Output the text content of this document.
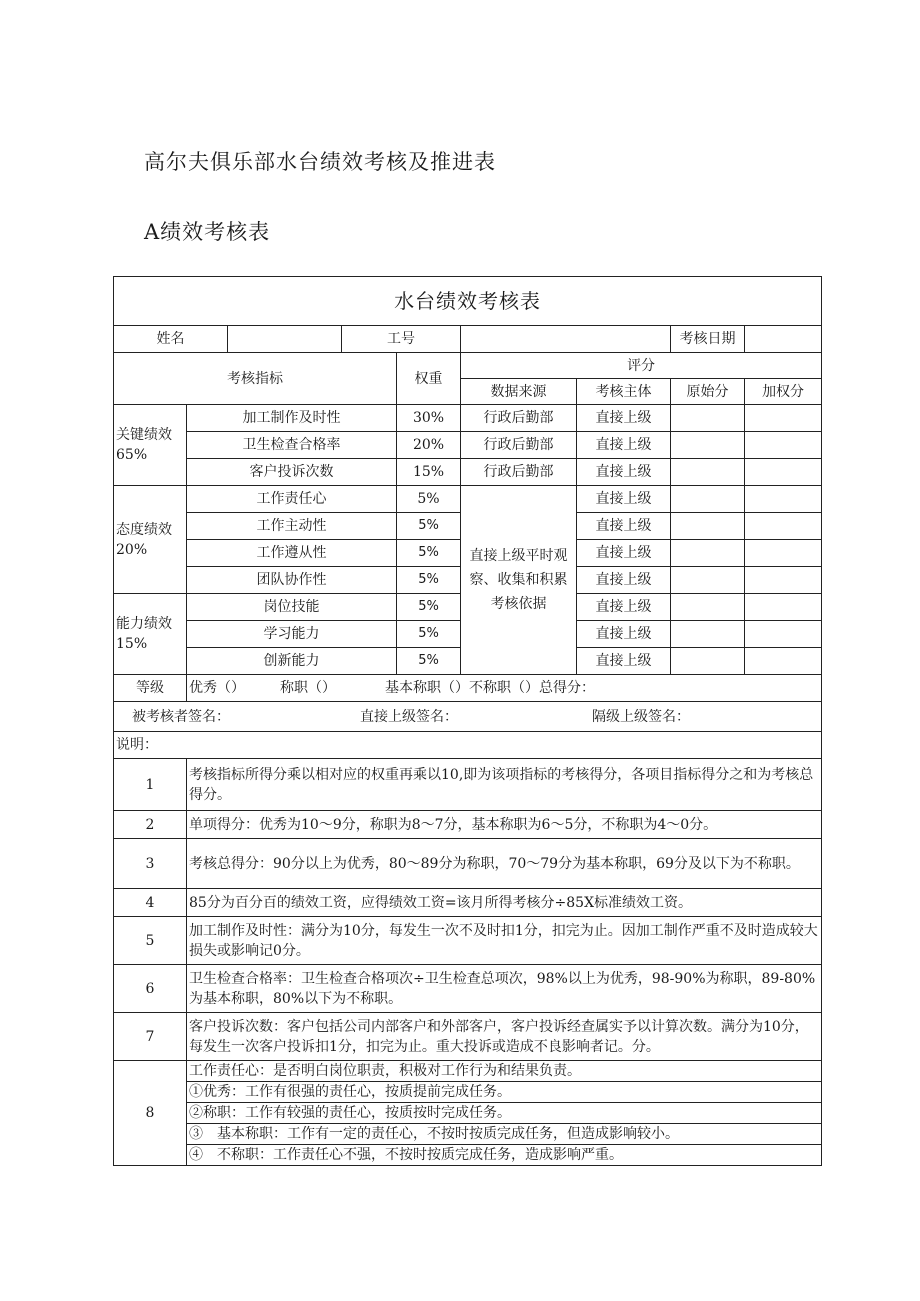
高尔夫俱乐部水台绩效考核及推进表
A绩效考核表
水台绩效考核表								
姓名			工号				考核日期	
考核指标				权重	评分			
					数据来源	考核主体	原始分	加权分
关键绩效 65%	加工制作及时性			30%	行政后勤部	直接上级		
	卫生检查合格率			20%	行政后勤部	直接上级		
	客户投诉次数			15%	行政后勤部	直接上级		
态度绩效 20%	工作责任心			5%	直接上级平时观察、收集和积累考核依据	直接上级		
	工作主动性			5%		直接上级		
	工作遵从性			5%		直接上级		
	团队协作性			5%		直接上级		
能力绩效 15%	岗位技能			5%		直接上级		
	学习能力			5%		直接上级		
	创新能力			5%		直接上级		
等级	优秀（）　　　称职（）　　　　基本称职（）不称职（）总得分：							
被考核者签名： 直接上级签名： 隔级上级签名：								
说明：								
1	考核指标所得分乘以相对应的权重再乘以10,即为该项指标的考核得分，各项目指标得分之和为考核总得分。							
2	单项得分：优秀为10～9分，称职为8～7分，基本称职为6～5分，不称职为4～0分。							
3	考核总得分：90分以上为优秀，80～89分为称职，70～79分为基本称职，69分及以下为不称职。							
4	85分为百分百的绩效工资，应得绩效工资=该月所得考核分÷85X标准绩效工资。							
5	加工制作及时性：满分为10分，每发生一次不及时扣1分，扣完为止。因加工制作严重不及时造成较大损失或影响记0分。							
6	卫生检查合格率：卫生检查合格项次÷卫生检查总项次，98%以上为优秀，98-90%为称职，89-80%为基本称职，80%以下为不称职。							
7	客户投诉次数：客户包括公司内部客户和外部客户，客户投诉经查属实予以计算次数。满分为10分，每发生一次客户投诉扣1分，扣完为止。重大投诉或造成不良影响者记。分。							
8	工作责任心：是否明白岗位职责，积极对工作行为和结果负责。							
	①优秀：工作有很强的责任心，按质提前完成任务。							
	②称职：工作有较强的责任心，按质按时完成任务。							
	③　基本称职：工作有一定的责任心，不按时按质完成任务，但造成影响较小。							
	④　不称职：工作责任心不强，不按时按质完成任务，造成影响严重。							
